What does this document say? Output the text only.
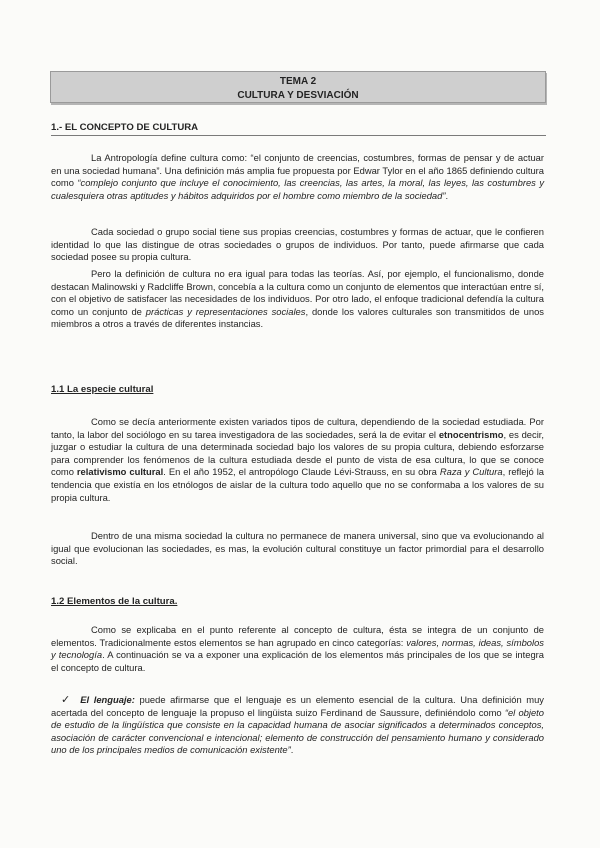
TEMA 2
CULTURA Y DESVIACIÓN
1.- EL CONCEPTO DE CULTURA

La Antropología define cultura como: “el conjunto de creencias, costumbres, formas de pensar y de actuar en una sociedad humana”. Una definición más amplia fue propuesta por Edwar Tylor en el año 1865 definiendo cultura como “complejo conjunto que incluye el conocimiento, las creencias, las artes, la moral, las leyes, las costumbres y cualesquiera otras aptitudes y hábitos adquiridos por el hombre como miembro de la sociedad”.

Cada sociedad o grupo social tiene sus propias creencias, costumbres y formas de actuar, que le confieren identidad lo que las distingue de otras sociedades o grupos de individuos. Por tanto, puede afirmarse que cada sociedad posee su propia cultura.

Pero la definición de cultura no era igual para todas las teorías. Así, por ejemplo, el funcionalismo, donde destacan Malinowski y Radcliffe Brown, concebía a la cultura como un conjunto de elementos que interactúan entre sí, con el objetivo de satisfacer las necesidades de los individuos. Por otro lado, el enfoque tradicional defendía la cultura como un conjunto de prácticas y representaciones sociales, donde los valores culturales son transmitidos de unos miembros a otros a través de diferentes instancias.

1.1 La especie cultural

Como se decía anteriormente existen variados tipos de cultura, dependiendo de la sociedad estudiada. Por tanto, la labor del sociólogo en su tarea investigadora de las sociedades, será la de evitar el etnocentrismo, es decir, juzgar o estudiar la cultura de una determinada sociedad bajo los valores de su propia cultura, debiendo esforzarse para comprender los fenómenos de la cultura estudiada desde el punto de vista de esa cultura, lo que se conoce como relativismo cultural. En el año 1952, el antropólogo Claude Lévi-Strauss, en su obra Raza y Cultura, reflejó la tendencia que existía en los etnólogos de aislar de la cultura todo aquello que no se conformaba a los valores de su propia cultura.

Dentro de una misma sociedad la cultura no permanece de manera universal, sino que va evolucionando al igual que evolucionan las sociedades, es mas, la evolución cultural constituye un factor primordial para el desarrollo social.

1.2 Elementos de la cultura.

Como se explicaba en el punto referente al concepto de cultura, ésta se integra de un conjunto de elementos. Tradicionalmente estos elementos se han agrupado en cinco categorías: valores, normas, ideas, símbolos y tecnología. A continuación se va a exponer una explicación de los elementos más principales de los que se integra el concepto de cultura.

✓ El lenguaje: puede afirmarse que el lenguaje es un elemento esencial de la cultura. Una definición muy acertada del concepto de lenguaje la propuso el lingüista suizo Ferdinand de Saussure, definiéndolo como “el objeto de estudio de la lingüística que consiste en la capacidad humana de asociar significados a determinados conceptos, asociación de carácter convencional e intencional; elemento de construcción del pensamiento humano y considerado uno de los principales medios de comunicación existente”.
